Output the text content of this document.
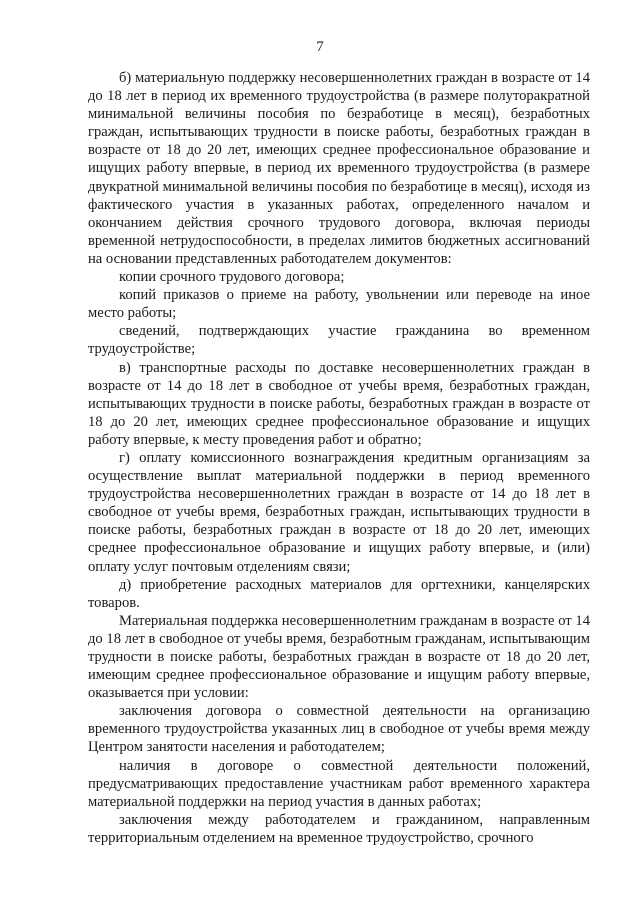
7

б) материальную поддержку несовершеннолетних граждан в возрасте от 14 до 18 лет в период их временного трудоустройства (в размере полуторакратной минимальной величины пособия по безработице в месяц), безработных граждан, испытывающих трудности в поиске работы, безработных граждан в возрасте от 18 до 20 лет, имеющих среднее профессиональное образование и ищущих работу впервые, в период их временного трудоустройства (в размере двукратной минимальной величины пособия по безработице в месяц), исходя из фактического участия в указанных работах, определенного началом и окончанием действия срочного трудового договора, включая периоды временной нетрудоспособности, в пределах лимитов бюджетных ассигнований на основании представленных работодателем документов:

копии срочного трудового договора;

копий приказов о приеме на работу, увольнении или переводе на иное место работы;

сведений, подтверждающих участие гражданина во временном трудоустройстве;

в) транспортные расходы по доставке несовершеннолетних граждан в возрасте от 14 до 18 лет в свободное от учебы время, безработных граждан, испытывающих трудности в поиске работы, безработных граждан в возрасте от 18 до 20 лет, имеющих среднее профессиональное образование и ищущих работу впервые, к месту проведения работ и обратно;

г) оплату комиссионного вознаграждения кредитным организациям за осуществление выплат материальной поддержки в период временного трудоустройства несовершеннолетних граждан в возрасте от 14 до 18 лет в свободное от учебы время, безработных граждан, испытывающих трудности в поиске работы, безработных граждан в возрасте от 18 до 20 лет, имеющих среднее профессиональное образование и ищущих работу впервые, и (или) оплату услуг почтовым отделениям связи;

д) приобретение расходных материалов для оргтехники, канцелярских товаров.

Материальная поддержка несовершеннолетним гражданам в возрасте от 14 до 18 лет в свободное от учебы время, безработным гражданам, испытывающим трудности в поиске работы, безработных граждан в возрасте от 18 до 20 лет, имеющим среднее профессиональное образование и ищущим работу впервые, оказывается при условии:

заключения договора о совместной деятельности на организацию временного трудоустройства указанных лиц в свободное от учебы время между Центром занятости населения и работодателем;

наличия в договоре о совместной деятельности положений, предусматривающих предоставление участникам работ временного характера материальной поддержки на период участия в данных работах;

заключения между работодателем и гражданином, направленным территориальным отделением на временное трудоустройство, срочного
